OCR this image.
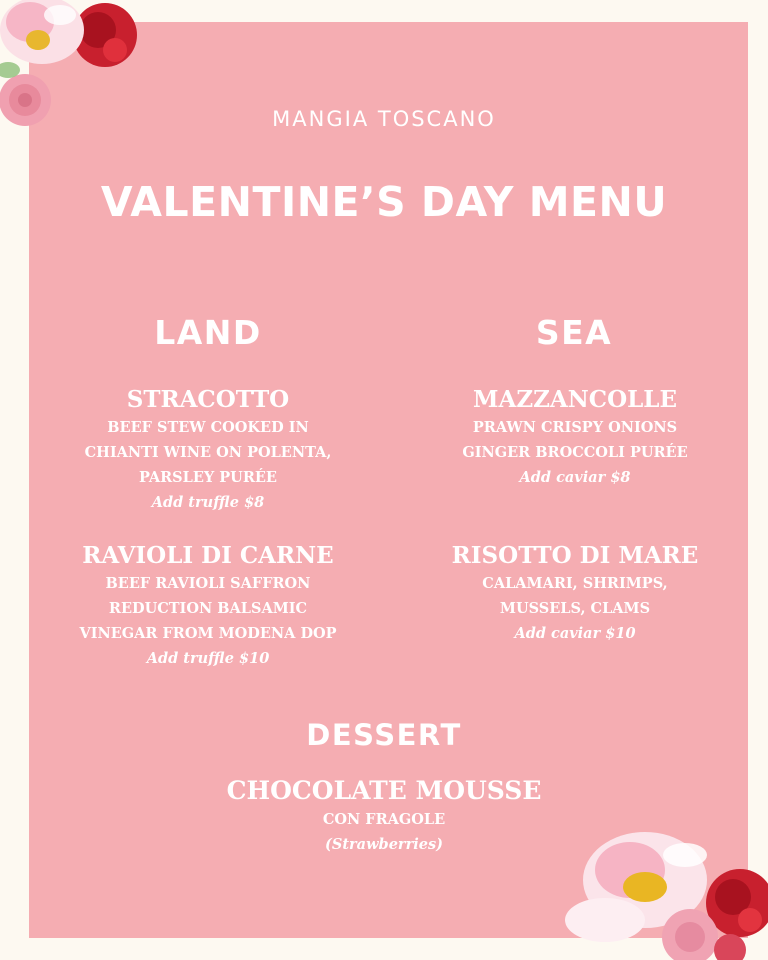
MANGIA TOSCANO
VALENTINE’S DAY MENU
LAND	SEA
STRACOTTO
BEEF STEW COOKED IN
CHIANTI WINE ON POLENTA,
PARSLEY PURÉE
Add truffle $8
RAVIOLI DI CARNE
BEEF RAVIOLI SAFFRON
REDUCTION BALSAMIC
VINEGAR FROM MODENA DOP
Add truffle $10
MAZZANCOLLE
PRAWN CRISPY ONIONS
GINGER BROCCOLI PURÉE
Add caviar $8
RISOTTO DI MARE
CALAMARI, SHRIMPS,
MUSSELS, CLAMS
Add caviar $10
DESSERT
CHOCOLATE MOUSSE
CON FRAGOLE
(Strawberries)
